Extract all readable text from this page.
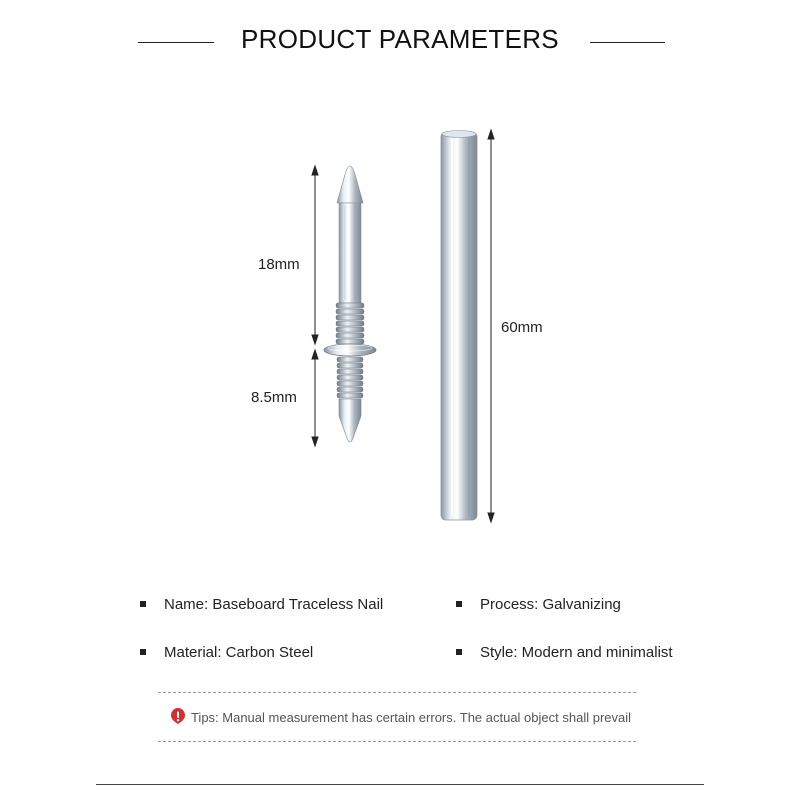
PRODUCT PARAMETERS
18mm
8.5mm
60mm
Name: Baseboard Traceless Nail	Process: Galvanizing
Material: Carbon Steel	Style: Modern and minimalist
Tips: Manual measurement has certain errors. The actual object shall prevail
